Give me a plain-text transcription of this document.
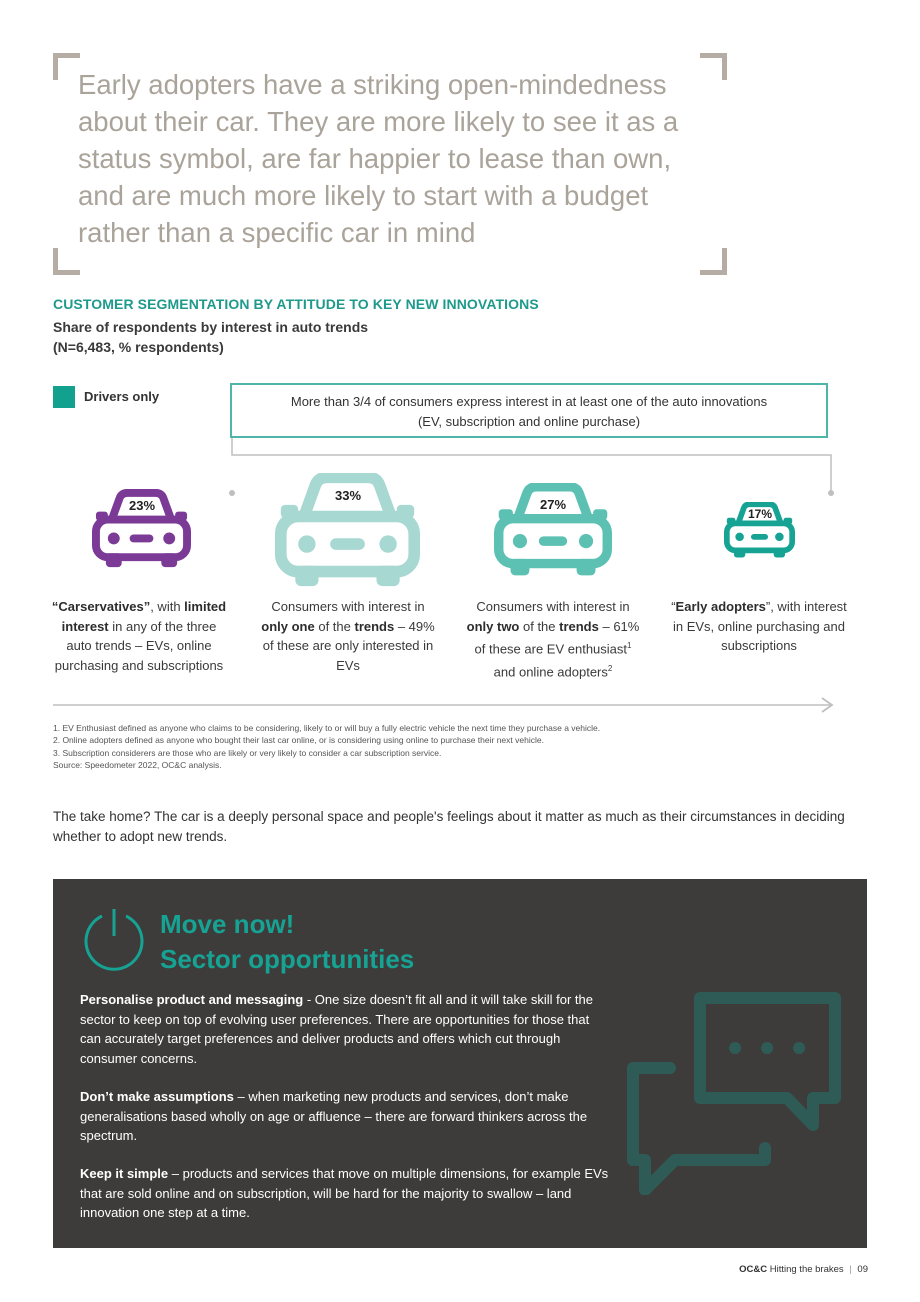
Early adopters have a striking open-mindedness about their car. They are more likely to see it as a status symbol, are far happier to lease than own, and are much more likely to start with a budget rather than a specific car in mind
CUSTOMER SEGMENTATION BY ATTITUDE TO KEY NEW INNOVATIONS
Share of respondents by interest in auto trends
(N=6,483, % respondents)
Drivers only	More than 3/4 of consumers express interest in at least one of the auto innovations
(EV, subscription and online purchase)
23%
33%
27%
17%
“Carservatives”, with limited interest in any of the three auto trends – EVs, online purchasing and subscriptions
Consumers with interest in only one of the trends – 49% of these are only interested in EVs
Consumers with interest in only two of the trends – 61% of these are EV enthusiast$^1$ and online adopters$^2$
“Early adopters”, with interest in EVs, online purchasing and subscriptions
1. EV Enthusiast defined as anyone who claims to be considering, likely to or will buy a fully electric vehicle the next time they purchase a vehicle.
2. Online adopters defined as anyone who bought their last car online, or is considering using online to purchase their next vehicle.
3. Subscription considerers are those who are likely or very likely to consider a car subscription service.
Source: Speedometer 2022, OC&C analysis.
The take home? The car is a deeply personal space and people's feelings about it matter as much as their circumstances in deciding whether to adopt new trends.
Move now!
Sector opportunities
Personalise product and messaging - One size doesn’t fit all and it will take skill for the sector to keep on top of evolving user preferences. There are opportunities for those that can accurately target preferences and deliver products and offers which cut through consumer concerns.
Don’t make assumptions – when marketing new products and services, don’t make generalisations based wholly on age or affluence – there are forward thinkers across the spectrum.
Keep it simple – products and services that move on multiple dimensions, for example EVs that are sold online and on subscription, will be hard for the majority to swallow – land innovation one step at a time.
OC&C Hitting the brakes | 09
